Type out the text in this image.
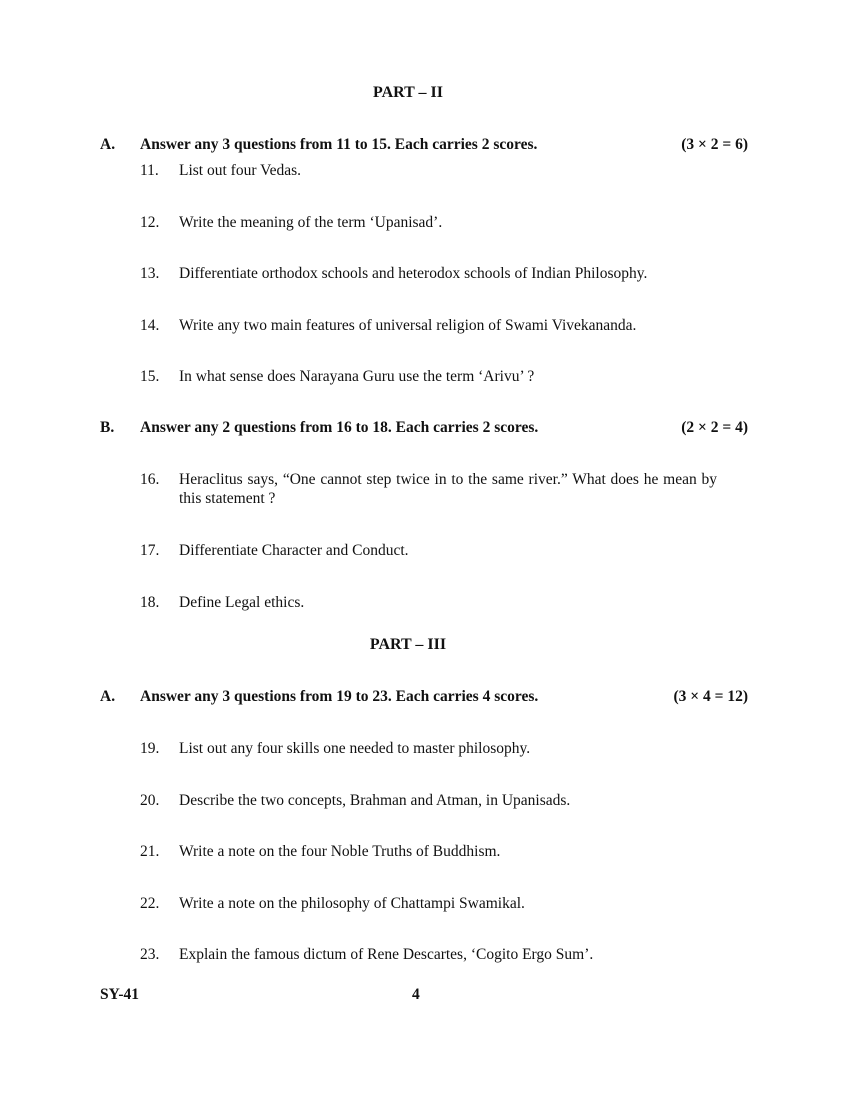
PART – II
A. Answer any 3 questions from 11 to 15. Each carries 2 scores.	(3 × 2 = 6)
11.	List out four Vedas.
12.	Write the meaning of the term ‘Upanisad’.
13.	Differentiate orthodox schools and heterodox schools of Indian Philosophy.
14.	Write any two main features of universal religion of Swami Vivekananda.
15.	In what sense does Narayana Guru use the term ‘Arivu’ ?
B. Answer any 2 questions from 16 to 18. Each carries 2 scores.	(2 × 2 = 4)
16.	Heraclitus says, “One cannot step twice in to the same river.” What does he mean by this statement ?
17.	Differentiate Character and Conduct.
18.	Define Legal ethics.
PART – III
A. Answer any 3 questions from 19 to 23. Each carries 4 scores.	(3 × 4 = 12)
19.	List out any four skills one needed to master philosophy.
20.	Describe the two concepts, Brahman and Atman, in Upanisads.
21.	Write a note on the four Noble Truths of Buddhism.
22.	Write a note on the philosophy of Chattampi Swamikal.
23.	Explain the famous dictum of Rene Descartes, ‘Cogito Ergo Sum’.
SY-41	4
